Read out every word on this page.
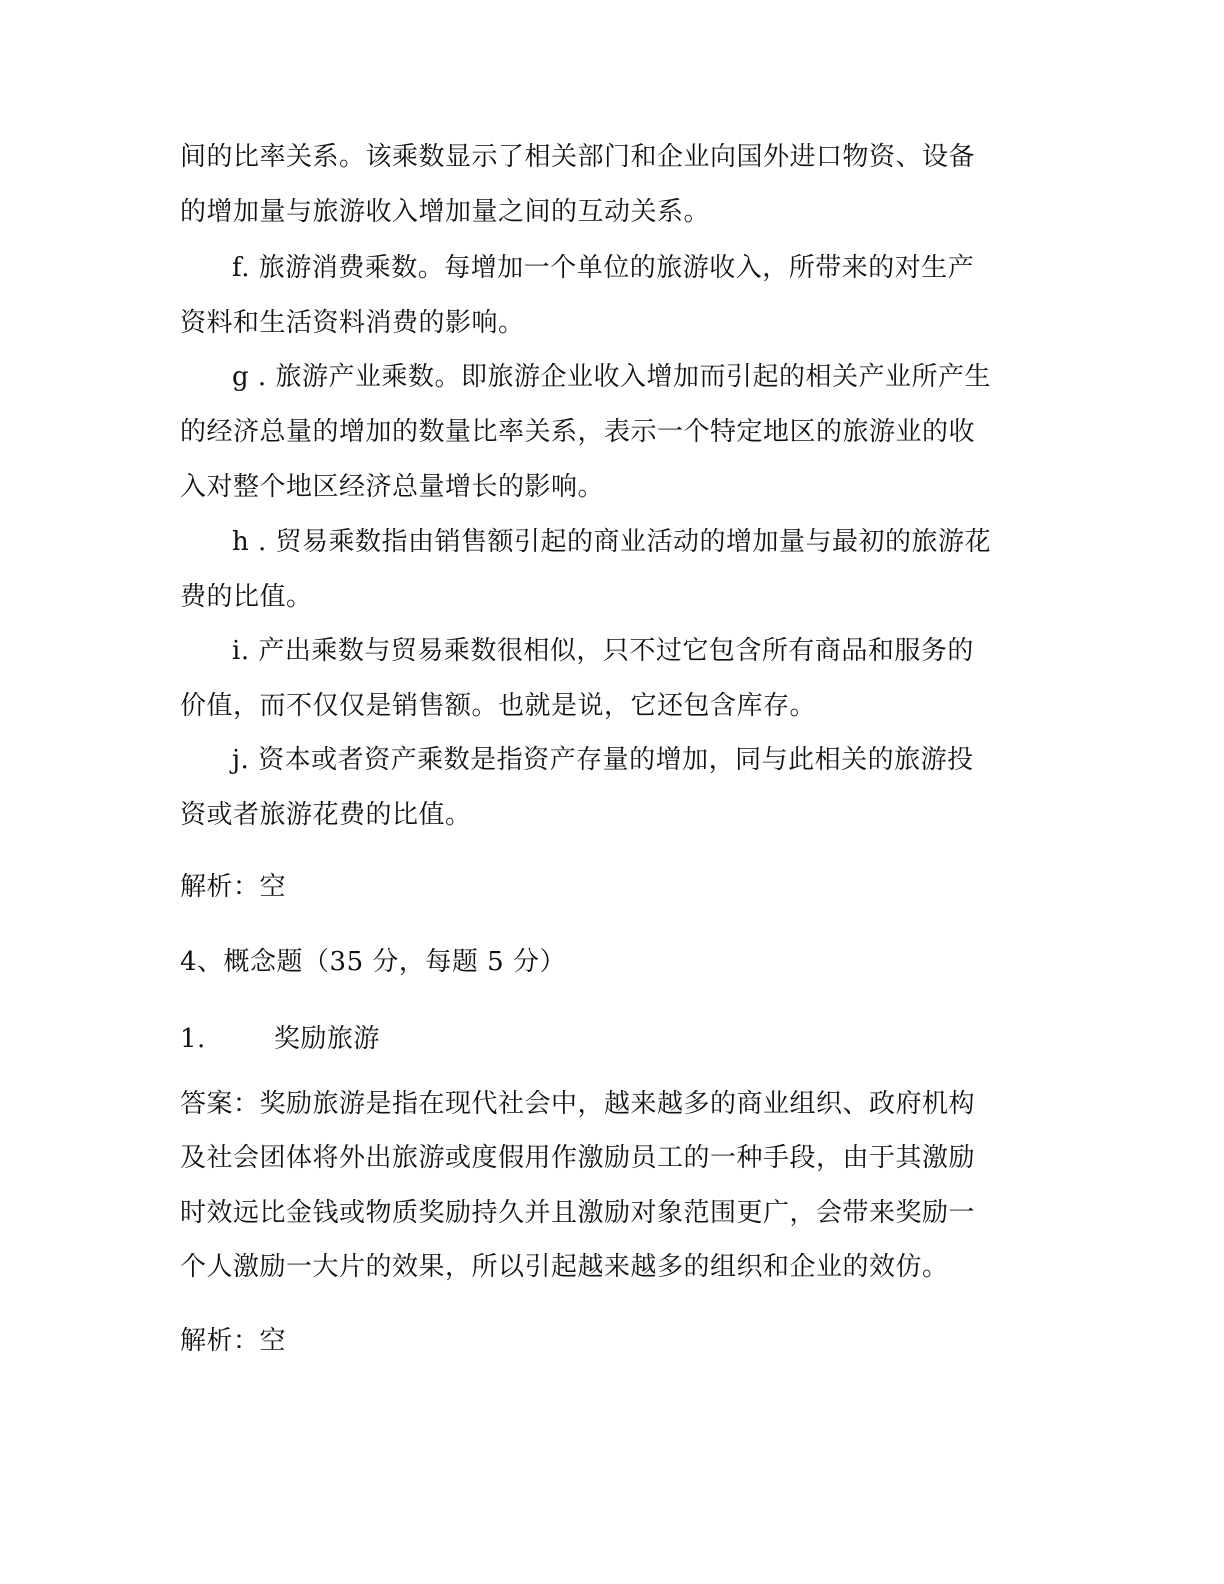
间的比率关系。该乘数显示了相关部门和企业向国外进口物资、设备
的增加量与旅游收入增加量之间的互动关系。
f. 旅游消费乘数。每增加一个单位的旅游收入，所带来的对生产
资料和生活资料消费的影响。
g . 旅游产业乘数。即旅游企业收入增加而引起的相关产业所产生
的经济总量的增加的数量比率关系，表示一个特定地区的旅游业的收
入对整个地区经济总量增长的影响。
h . 贸易乘数指由销售额引起的商业活动的增加量与最初的旅游花
费的比值。
i. 产出乘数与贸易乘数很相似，只不过它包含所有商品和服务的
价值，而不仅仅是销售额。也就是说，它还包含库存。
j. 资本或者资产乘数是指资产存量的增加，同与此相关的旅游投
资或者旅游花费的比值。
解析：空
4、概念题（35 分，每题 5 分）
1.	奖励旅游
答案：奖励旅游是指在现代社会中，越来越多的商业组织、政府机构
及社会团体将外出旅游或度假用作激励员工的一种手段，由于其激励
时效远比金钱或物质奖励持久并且激励对象范围更广，会带来奖励一
个人激励一大片的效果，所以引起越来越多的组织和企业的效仿。
解析：空
